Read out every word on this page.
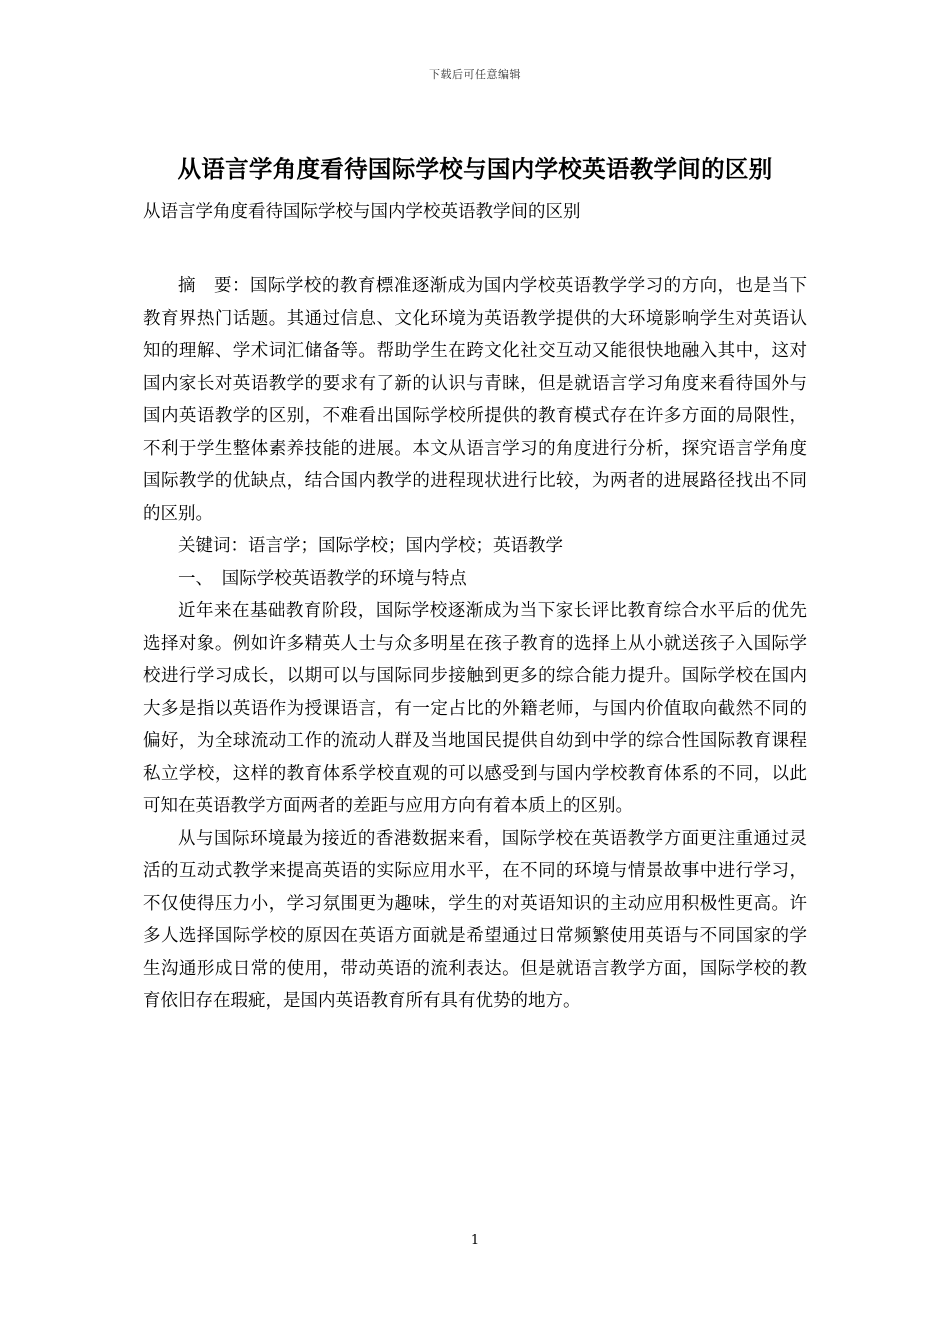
下载后可任意编辑
从语言学角度看待国际学校与国内学校英语教学间的区别
从语言学角度看待国际学校与国内学校英语教学间的区别

摘　要：国际学校的教育標准逐渐成为国内学校英语教学学习的方向，也是当下教育界热门话题。其通过信息、文化环境为英语教学提供的大环境影响学生对英语认知的理解、学术词汇储备等。帮助学生在跨文化社交互动又能很快地融入其中，这对国内家长对英语教学的要求有了新的认识与青睐，但是就语言学习角度来看待国外与国内英语教学的区别，不难看出国际学校所提供的教育模式存在许多方面的局限性，不利于学生整体素养技能的进展。本文从语言学习的角度进行分析，探究语言学角度国际教学的优缺点，结合国内教学的进程现状进行比较，为两者的进展路径找出不同的区别。

关键词：语言学；国际学校；国内学校；英语教学

一、　国际学校英语教学的环境与特点

近年来在基础教育阶段，国际学校逐渐成为当下家长评比教育综合水平后的优先选择对象。例如许多精英人士与众多明星在孩子教育的选择上从小就送孩子入国际学校进行学习成长，以期可以与国际同步接触到更多的综合能力提升。国际学校在国内大多是指以英语作为授课语言，有一定占比的外籍老师，与国内价值取向截然不同的偏好，为全球流动工作的流动人群及当地国民提供自幼到中学的综合性国际教育课程私立学校，这样的教育体系学校直观的可以感受到与国内学校教育体系的不同，以此可知在英语教学方面两者的差距与应用方向有着本质上的区别。

从与国际环境最为接近的香港数据来看，国际学校在英语教学方面更注重通过灵活的互动式教学来提高英语的实际应用水平，在不同的环境与情景故事中进行学习，不仅使得压力小，学习氛围更为趣味，学生的对英语知识的主动应用积极性更高。许多人选择国际学校的原因在英语方面就是希望通过日常频繁使用英语与不同国家的学生沟通形成日常的使用，带动英语的流利表达。但是就语言教学方面，国际学校的教育依旧存在瑕疵，是国内英语教育所有具有优势的地方。

1
